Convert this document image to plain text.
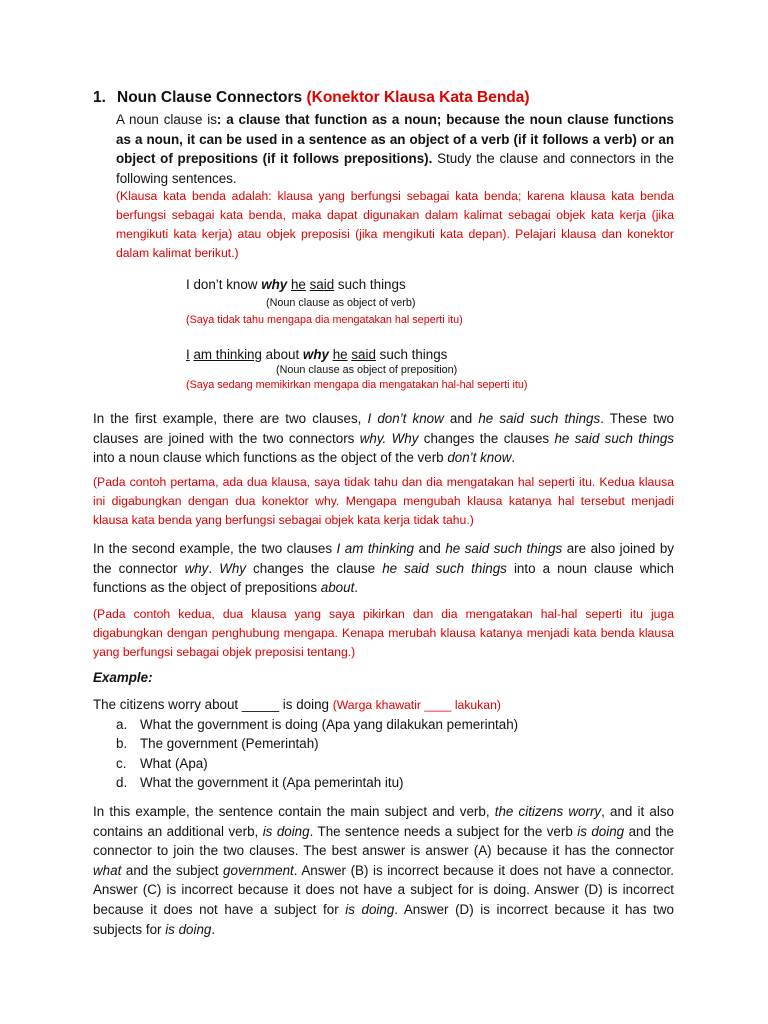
1. Noun Clause Connectors (Konektor Klausa Kata Benda)
A noun clause is: a clause that function as a noun; because the noun clause functions as a noun, it can be used in a sentence as an object of a verb (if it follows a verb) or an object of prepositions (if it follows prepositions). Study the clause and connectors in the following sentences.
(Klausa kata benda adalah: klausa yang berfungsi sebagai kata benda; karena klausa kata benda berfungsi sebagai kata benda, maka dapat digunakan dalam kalimat sebagai objek kata kerja (jika mengikuti kata kerja) atau objek preposisi (jika mengikuti kata depan). Pelajari klausa dan konektor dalam kalimat berikut.)
I don’t know why he said such things
(Noun clause as object of verb)
(Saya tidak tahu mengapa dia mengatakan hal seperti itu)
I am thinking about why he said such things
(Noun clause as object of preposition)
(Saya sedang memikirkan mengapa dia mengatakan hal-hal seperti itu)
In the first example, there are two clauses, I don’t know and he said such things. These two clauses are joined with the two connectors why. Why changes the clauses he said such things into a noun clause which functions as the object of the verb don’t know.
(Pada contoh pertama, ada dua klausa, saya tidak tahu dan dia mengatakan hal seperti itu. Kedua klausa ini digabungkan dengan dua konektor why. Mengapa mengubah klausa katanya hal tersebut menjadi klausa kata benda yang berfungsi sebagai objek kata kerja tidak tahu.)
In the second example, the two clauses I am thinking and he said such things are also joined by the connector why. Why changes the clause he said such things into a noun clause which functions as the object of prepositions about.
(Pada contoh kedua, dua klausa yang saya pikirkan dan dia mengatakan hal-hal seperti itu juga digabungkan dengan penghubung mengapa. Kenapa merubah klausa katanya menjadi kata benda klausa yang berfungsi sebagai objek preposisi tentang.)
Example:
The citizens worry about _____ is doing (Warga khawatir ____ lakukan)
a. What the government is doing (Apa yang dilakukan pemerintah)
b. The government (Pemerintah)
c.	What (Apa)
d. What the government it (Apa pemerintah itu)
In this example, the sentence contain the main subject and verb, the citizens worry, and it also contains an additional verb, is doing. The sentence needs a subject for the verb is doing and the connector to join the two clauses. The best answer is answer (A) because it has the connector what and the subject government. Answer (B) is incorrect because it does not have a connector. Answer (C) is incorrect because it does not have a subject for is doing. Answer (D) is incorrect because it does not have a subject for is doing. Answer (D) is incorrect because it has two subjects for is doing.
